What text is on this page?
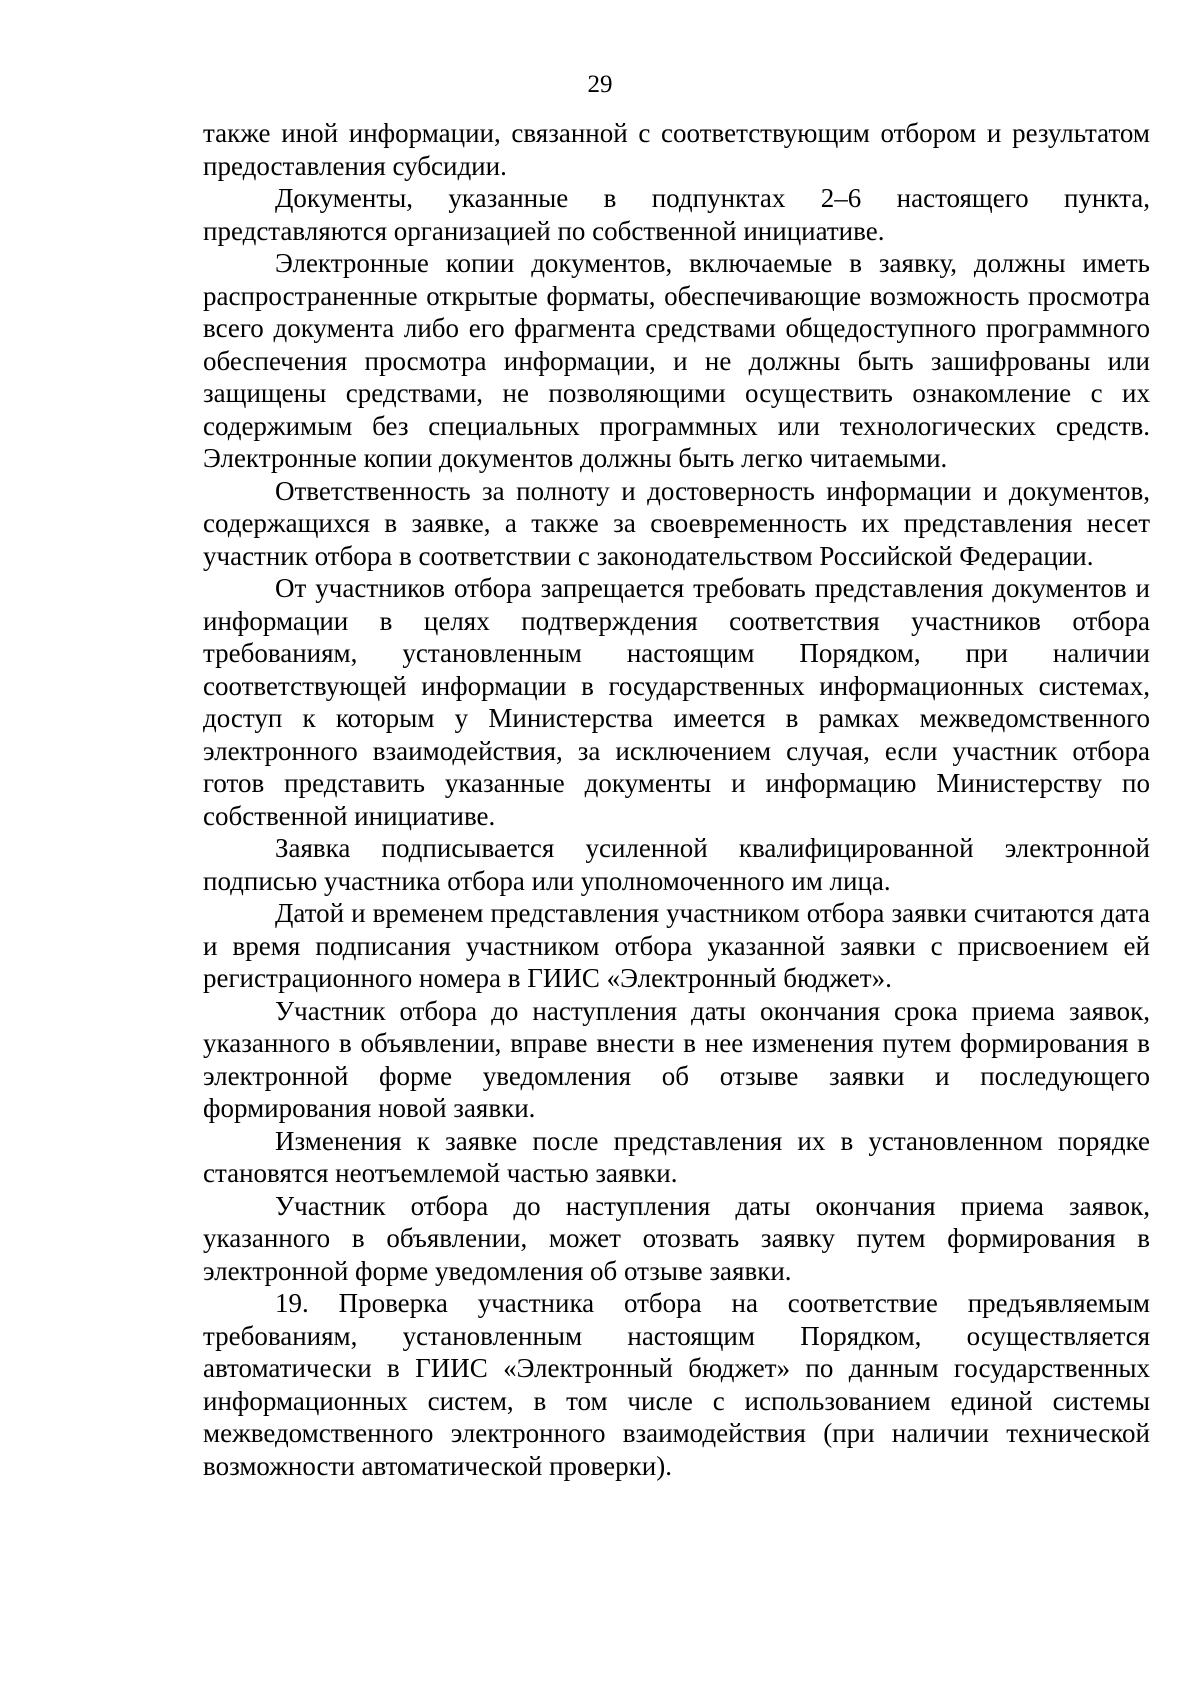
29

также иной информации, связанной с соответствующим отбором и результатом предоставления субсидии.

Документы, указанные в подпунктах 2–6 настоящего пункта, представляются организацией по собственной инициативе.

Электронные копии документов, включаемые в заявку, должны иметь распространенные открытые форматы, обеспечивающие возможность просмотра всего документа либо его фрагмента средствами общедоступного программного обеспечения просмотра информации, и не должны быть зашифрованы или защищены средствами, не позволяющими осуществить ознакомление с их содержимым без специальных программных или технологических средств. Электронные копии документов должны быть легко читаемыми.

Ответственность за полноту и достоверность информации и документов, содержащихся в заявке, а также за своевременность их представления несет участник отбора в соответствии с законодательством Российской Федерации.

От участников отбора запрещается требовать представления документов и информации в целях подтверждения соответствия участников отбора требованиям, установленным настоящим Порядком, при наличии соответствующей информации в государственных информационных системах, доступ к которым у Министерства имеется в рамках межведомственного электронного взаимодействия, за исключением случая, если участник отбора готов представить указанные документы и информацию Министерству по собственной инициативе.

Заявка подписывается усиленной квалифицированной электронной подписью участника отбора или уполномоченного им лица.

Датой и временем представления участником отбора заявки считаются дата и время подписания участником отбора указанной заявки с присвоением ей регистрационного номера в ГИИС «Электронный бюджет».

Участник отбора до наступления даты окончания срока приема заявок, указанного в объявлении, вправе внести в нее изменения путем формирования в электронной форме уведомления об отзыве заявки и последующего формирования новой заявки.

Изменения к заявке после представления их в установленном порядке становятся неотъемлемой частью заявки.

Участник отбора до наступления даты окончания приема заявок, указанного в объявлении, может отозвать заявку путем формирования в электронной форме уведомления об отзыве заявки.

19. Проверка участника отбора на соответствие предъявляемым требованиям, установленным настоящим Порядком, осуществляется автоматически в ГИИС «Электронный бюджет» по данным государственных информационных систем, в том числе с использованием единой системы межведомственного электронного взаимодействия (при наличии технической возможности автоматической проверки).
